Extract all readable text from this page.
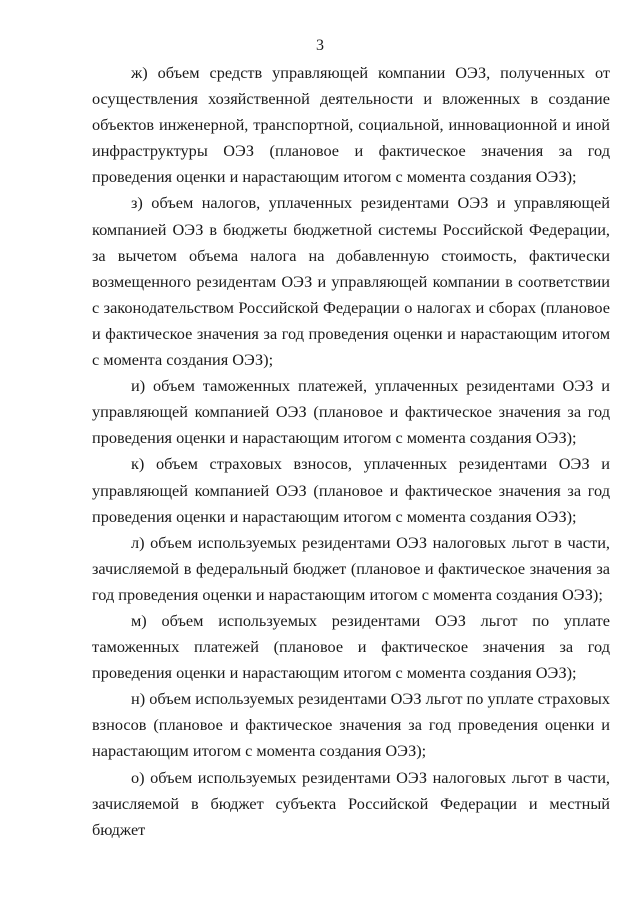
3

ж) объем средств управляющей компании ОЭЗ, полученных от осуществления хозяйственной деятельности и вложенных в создание объектов инженерной, транспортной, социальной, инновационной и иной инфраструктуры ОЭЗ (плановое и фактическое значения за год проведения оценки и нарастающим итогом с момента создания ОЭЗ);

з) объем налогов, уплаченных резидентами ОЭЗ и управляющей компанией ОЭЗ в бюджеты бюджетной системы Российской Федерации, за вычетом объема налога на добавленную стоимость, фактически возмещенного резидентам ОЭЗ и управляющей компании в соответствии с законодательством Российской Федерации о налогах и сборах (плановое и фактическое значения за год проведения оценки и нарастающим итогом с момента создания ОЭЗ);

и) объем таможенных платежей, уплаченных резидентами ОЭЗ и управляющей компанией ОЭЗ (плановое и фактическое значения за год проведения оценки и нарастающим итогом с момента создания ОЭЗ);

к) объем страховых взносов, уплаченных резидентами ОЭЗ и управляющей компанией ОЭЗ (плановое и фактическое значения за год проведения оценки и нарастающим итогом с момента создания ОЭЗ);

л) объем используемых резидентами ОЭЗ налоговых льгот в части, зачисляемой в федеральный бюджет (плановое и фактическое значения за год проведения оценки и нарастающим итогом с момента создания ОЭЗ);

м) объем используемых резидентами ОЭЗ льгот по уплате таможенных платежей (плановое и фактическое значения за год проведения оценки и нарастающим итогом с момента создания ОЭЗ);

н) объем используемых резидентами ОЭЗ льгот по уплате страховых взносов (плановое и фактическое значения за год проведения оценки и нарастающим итогом с момента создания ОЭЗ);

о) объем используемых резидентами ОЭЗ налоговых льгот в части, зачисляемой в бюджет субъекта Российской Федерации и местный бюджет
